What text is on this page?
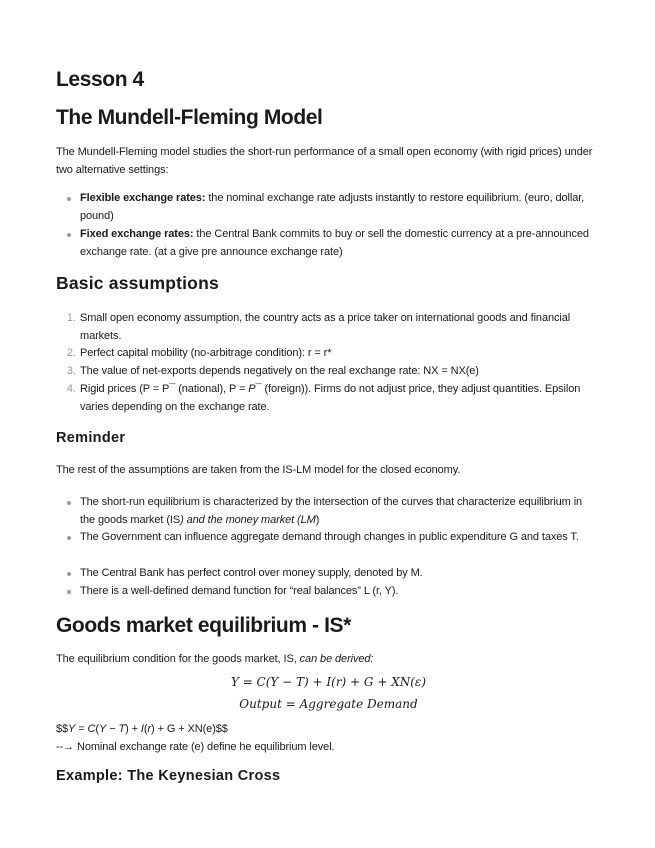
Lesson 4
The Mundell-Fleming Model
The Mundell-Fleming model studies the short-run performance of a small open economy (with rigid prices) under two alternative settings:
Flexible exchange rates: the nominal exchange rate adjusts instantly to restore equilibrium. (euro, dollar, pound)
Fixed exchange rates: the Central Bank commits to buy or sell the domestic currency at a pre-announced exchange rate. (at a give pre announce exchange rate)
Basic assumptions
1. Small open economy assumption, the country acts as a price taker on international goods and financial markets.
2. Perfect capital mobility (no-arbitrage condition): r = r*
3. The value of net-exports depends negatively on the real exchange rate: NX = NX(e)
4. Rigid prices (P = P¯ (national), P = P¯ (foreign)). Firms do not adjust price, they adjust quantities. Epsilon varies depending on the exchange rate.
Reminder
The rest of the assumptions are taken from the IS-LM model for the closed economy.
The short-run equilibrium is characterized by the intersection of the curves that characterize equilibrium in the goods market (IS) and the money market (LM)
The Government can influence aggregate demand through changes in public expenditure G and taxes T.
The Central Bank has perfect control over money supply, denoted by M.
There is a well-defined demand function for “real balances” L (r, Y).
Goods market equilibrium - IS*
The equilibrium condition for the goods market, IS, can be derived:
Y = C(Y − T) + I(r) + G + XN(ε)
Output = Aggregate Demand
$$Y = C(Y − T) + I(r) + G + XN(e)$$
--→ Nominal exchange rate (e) define he equilibrium level.
Example: The Keynesian Cross
